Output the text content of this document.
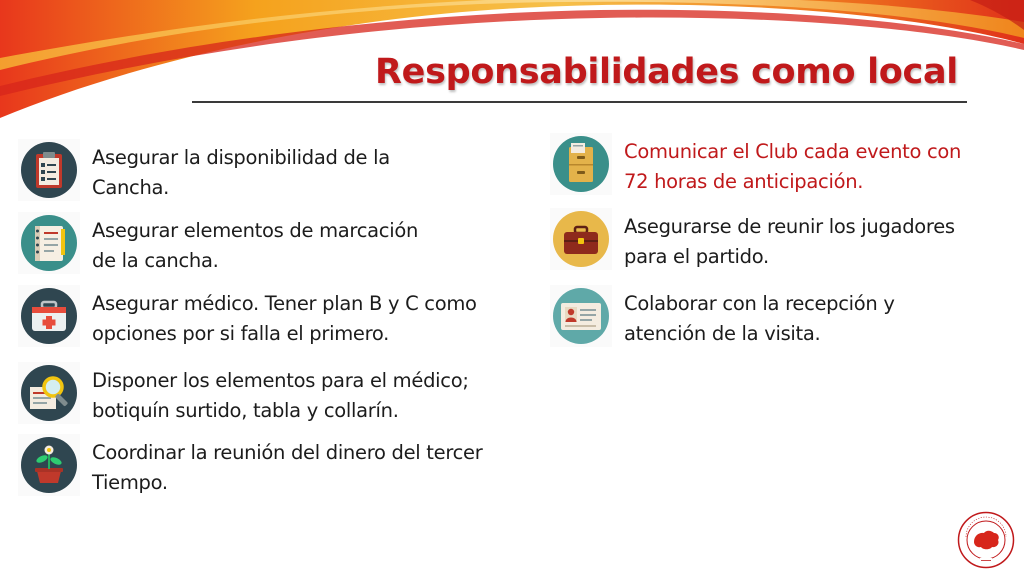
Responsabilidades como local
Asegurar la disponibilidad de la
Cancha.
Asegurar elementos de marcación
de la cancha.
Asegurar médico. Tener plan B y C como
opciones por si falla el primero.
Disponer los elementos para el médico;
botiquín surtido, tabla y collarín.
Coordinar la reunión del dinero del tercer
Tiempo.
Comunicar el Club cada evento con
72 horas de anticipación.
Asegurarse de reunir los jugadores
para el partido.
Colaborar con la recepción y
atención de la visita.
